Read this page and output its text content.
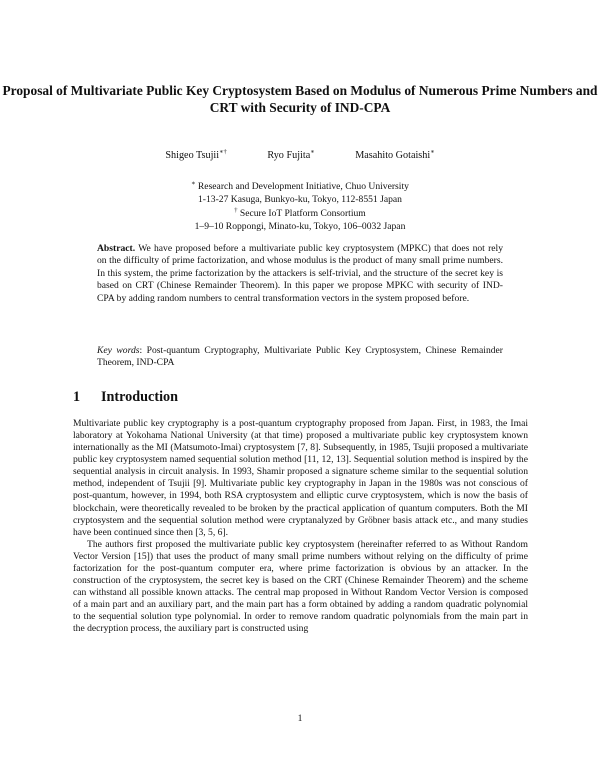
Proposal of Multivariate Public Key Cryptosystem Based on Modulus of Numerous Prime Numbers and CRT with Security of IND-CPA
Shigeo Tsujii∗†	Ryo Fujita∗	Masahito Gotaishi∗
∗ Research and Development Initiative, Chuo University
1-13-27 Kasuga, Bunkyo-ku, Tokyo, 112-8551 Japan
† Secure IoT Platform Consortium
1–9–10 Roppongi, Minato-ku, Tokyo, 106–0032 Japan
Abstract. We have proposed before a multivariate public key cryptosystem (MPKC) that does not rely on the difficulty of prime factorization, and whose modulus is the product of many small prime numbers. In this system, the prime factorization by the attackers is self-trivial, and the structure of the secret key is based on CRT (Chinese Remainder Theorem). In this paper we propose MPKC with security of IND-CPA by adding random numbers to central transformation vectors in the system proposed before.
Key words: Post-quantum Cryptography, Multivariate Public Key Cryptosystem, Chinese Remainder Theorem, IND-CPA
1 Introduction

Multivariate public key cryptography is a post-quantum cryptography proposed from Japan. First, in 1983, the Imai laboratory at Yokohama National University (at that time) proposed a multivariate public key cryptosystem known internationally as the MI (Matsumoto-Imai) cryptosystem [7, 8]. Subsequently, in 1985, Tsujii proposed a multivariate public key cryptosystem named sequential solution method [11, 12, 13]. Sequential solution method is inspired by the sequential analysis in circuit analysis. In 1993, Shamir proposed a signature scheme similar to the sequential solution method, independent of Tsujii [9]. Multivariate public key cryptography in Japan in the 1980s was not conscious of post-quantum, however, in 1994, both RSA cryptosystem and elliptic curve cryptosystem, which is now the basis of blockchain, were theoretically revealed to be broken by the practical application of quantum computers. Both the MI cryptosystem and the sequential solution method were cryptanalyzed by Gröbner basis attack etc., and many studies have been continued since then [3, 5, 6].

The authors first proposed the multivariate public key cryptosystem (hereinafter referred to as Without Random Vector Version [15]) that uses the product of many small prime numbers without relying on the difficulty of prime factorization for the post-quantum computer era, where prime factorization is obvious by an attacker. In the construction of the cryptosystem, the secret key is based on the CRT (Chinese Remainder Theorem) and the scheme can withstand all possible known attacks. The central map proposed in Without Random Vector Version is composed of a main part and an auxiliary part, and the main part has a form obtained by adding a random quadratic polynomial to the sequential solution type polynomial. In order to remove random quadratic polynomials from the main part in the decryption process, the auxiliary part is constructed using

1
